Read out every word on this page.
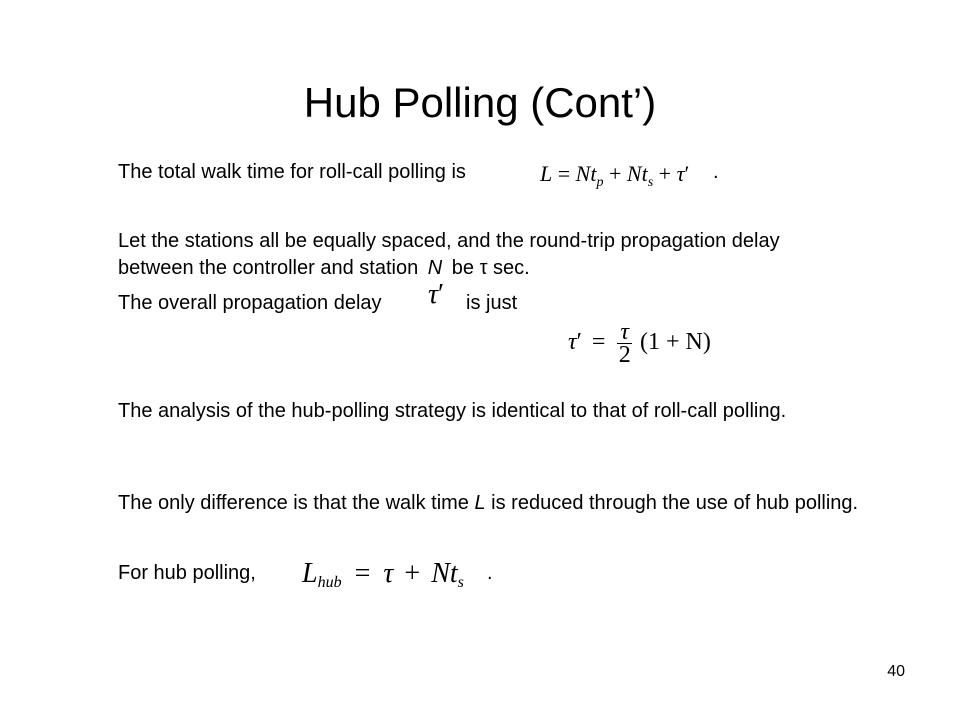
Hub Polling (Cont’)
The total walk time for roll-call polling is	$L = Nt_p + Nt_s + \tau'$ .
Let the stations all be equally spaced, and the round-trip propagation delay between the controller and station N be τ sec.
The overall propagation delay τ′ is just
$\tau' = \frac{\tau}{2} (1 + N)$
The analysis of the hub-polling strategy is identical to that of roll-call polling.
The only difference is that the walk time L is reduced through the use of hub polling.
For hub polling, $L_{hub} = \tau + Nt_s$ .
40
